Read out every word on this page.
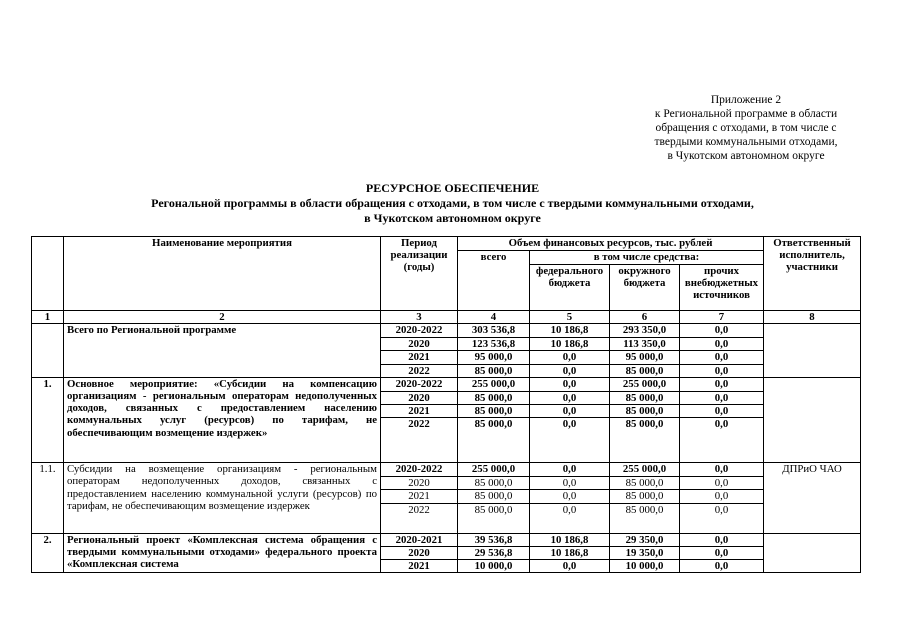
Приложение 2
к Региональной программе в области
обращения с отходами, в том числе с
твердыми коммунальными отходами,
в Чукотском автономном округе
РЕСУРСНОЕ ОБЕСПЕЧЕНИЕ
Регональной программы в области обращения с отходами, в том числе с твердыми коммунальными отходами,
в Чукотском автономном округе
	Наименование мероприятия	Период реализации (годы)	Объем финансовых ресурсов, тыс. рублей				Ответственный исполнитель, участники
			всего	в том числе средства:			
				федерального бюджета	окружного бюджета	прочих внебюджетных источников	
1	2	3	4	5	6	7	8
	Всего по Региональной программе	2020-2022	303 536,8	10 186,8	293 350,0	0,0	
		2020	123 536,8	10 186,8	113 350,0	0,0	
		2021	95 000,0	0,0	95 000,0	0,0	
		2022	85 000,0	0,0	85 000,0	0,0	
1.	Основное мероприятие: «Субсидии на компенсацию организациям - региональным операторам недополученных доходов, связанных с предоставлением населению коммунальных услуг (ресурсов) по тарифам, не обеспечивающим возмещение издержек»	2020-2022	255 000,0	0,0	255 000,0	0,0	
		2020	85 000,0	0,0	85 000,0	0,0	
		2021	85 000,0	0,0	85 000,0	0,0	
		2022	85 000,0	0,0	85 000,0	0,0	
1.1.	Субсидии на возмещение организациям - региональным операторам недополученных доходов, связанных с предоставлением населению коммунальной услуги (ресурсов) по тарифам, не обеспечивающим возмещение издержек	2020-2022	255 000,0	0,0	255 000,0	0,0	ДПРиО ЧАО
		2020	85 000,0	0,0	85 000,0	0,0	
		2021	85 000,0	0,0	85 000,0	0,0	
		2022	85 000,0	0,0	85 000,0	0,0	
2.	Региональный проект «Комплексная система обращения с твердыми коммунальными отходами» федерального проекта «Комплексная система	2020-2021	39 536,8	10 186,8	29 350,0	0,0	
		2020	29 536,8	10 186,8	19 350,0	0,0	
		2021	10 000,0	0,0	10 000,0	0,0	
